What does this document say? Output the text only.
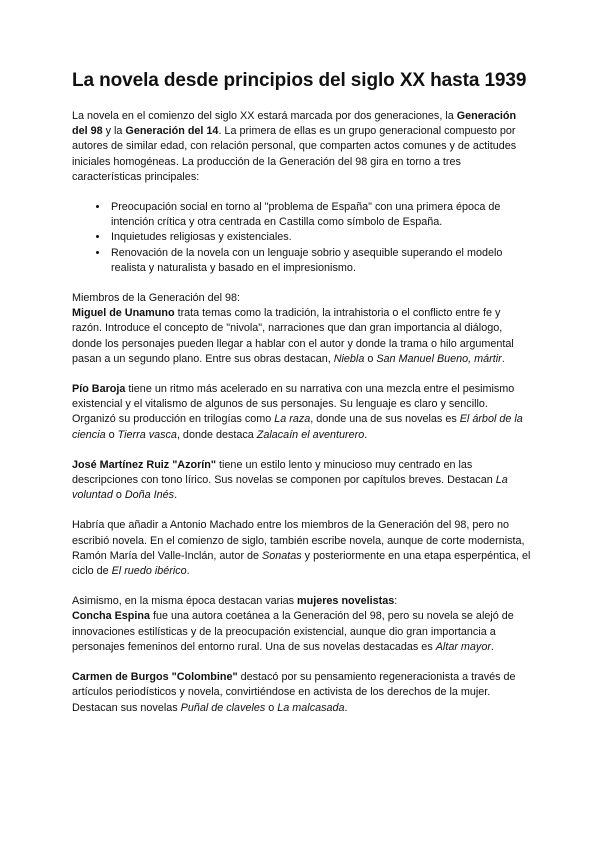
La novela desde principios del siglo XX hasta 1939

La novela en el comienzo del siglo XX estará marcada por dos generaciones, la Generación del 98 y la Generación del 14. La primera de ellas es un grupo generacional compuesto por autores de similar edad, con relación personal, que comparten actos comunes y de actitudes iniciales homogéneas. La producción de la Generación del 98 gira en torno a tres características principales:

• Preocupación social en torno al "problema de España" con una primera época de intención crítica y otra centrada en Castilla como símbolo de España.
• Inquietudes religiosas y existenciales.
• Renovación de la novela con un lenguaje sobrio y asequible superando el modelo realista y naturalista y basado en el impresionismo.

Miembros de la Generación del 98:

Miguel de Unamuno trata temas como la tradición, la intrahistoria o el conflicto entre fe y razón. Introduce el concepto de "nivola", narraciones que dan gran importancia al diálogo, donde los personajes pueden llegar a hablar con el autor y donde la trama o hilo argumental pasan a un segundo plano. Entre sus obras destacan, Niebla o San Manuel Bueno, mártir.

Pío Baroja tiene un ritmo más acelerado en su narrativa con una mezcla entre el pesimismo existencial y el vitalismo de algunos de sus personajes. Su lenguaje es claro y sencillo. Organizó su producción en trilogías como La raza, donde una de sus novelas es El árbol de la ciencia o Tierra vasca, donde destaca Zalacaín el aventurero.

José Martínez Ruiz "Azorín" tiene un estilo lento y minucioso muy centrado en las descripciones con tono lírico. Sus novelas se componen por capítulos breves. Destacan La voluntad o Doña Inés.

Habría que añadir a Antonio Machado entre los miembros de la Generación del 98, pero no escribió novela. En el comienzo de siglo, también escribe novela, aunque de corte modernista, Ramón María del Valle-Inclán, autor de Sonatas y posteriormente en una etapa esperpéntica, el ciclo de El ruedo ibérico.

Asimismo, en la misma época destacan varias mujeres novelistas:

Concha Espina fue una autora coetánea a la Generación del 98, pero su novela se alejó de innovaciones estilísticas y de la preocupación existencial, aunque dio gran importancia a personajes femeninos del entorno rural. Una de sus novelas destacadas es Altar mayor.

Carmen de Burgos "Colombine" destacó por su pensamiento regeneracionista a través de artículos periodísticos y novela, convirtiéndose en activista de los derechos de la mujer. Destacan sus novelas Puñal de claveles o La malcasada.
